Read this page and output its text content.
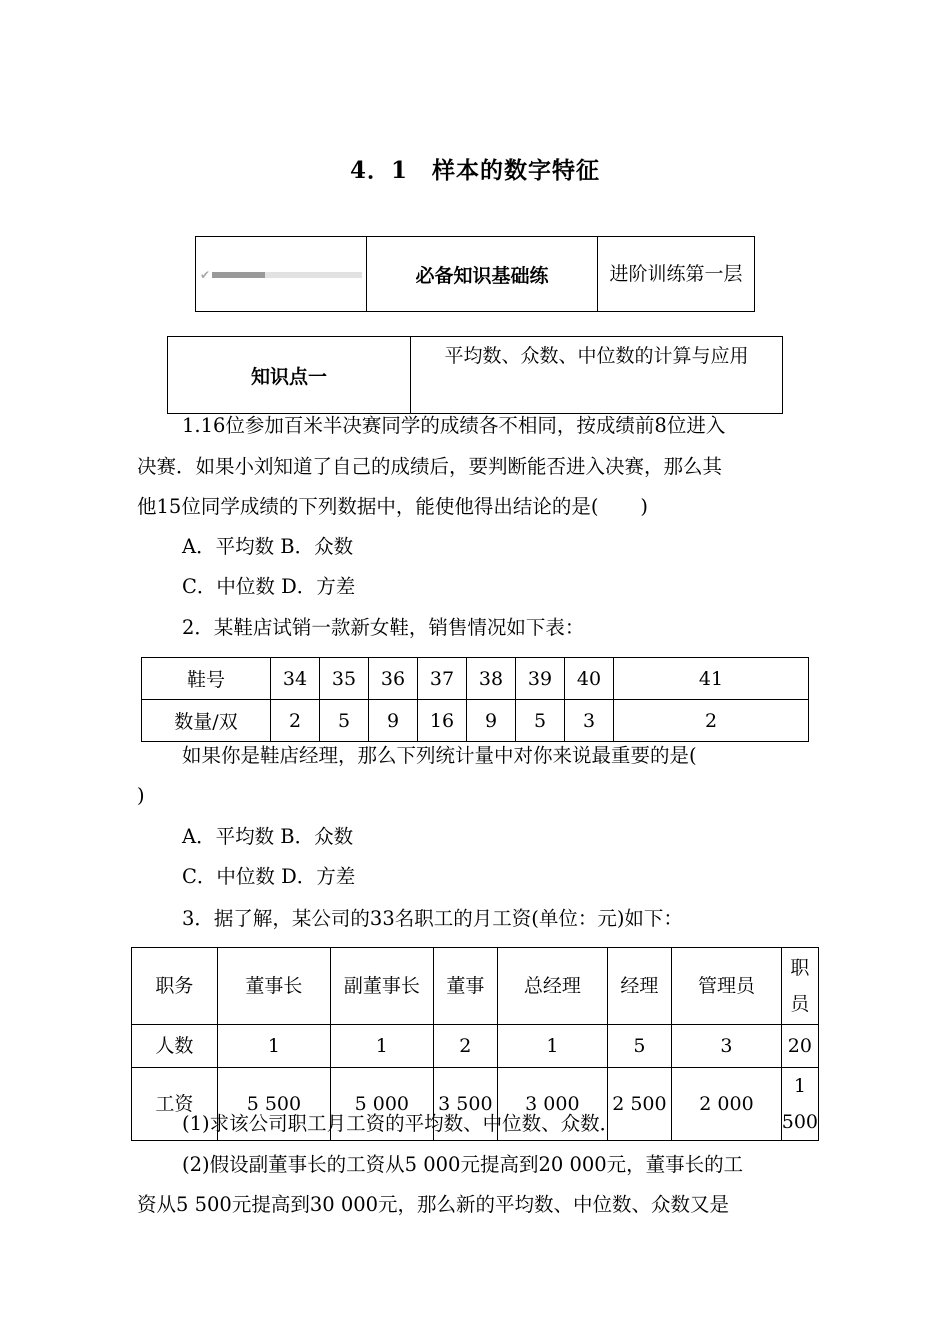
4．1　样本的数字特征
✔	必备知识基础练	进阶训练第一层
知识点一	平均数、众数、中位数的计算与应用
1.16位参加百米半决赛同学的成绩各不相同，按成绩前8位进入
决赛．如果小刘知道了自己的成绩后，要判断能否进入决赛，那么其
他15位同学成绩的下列数据中，能使他得出结论的是( )
A．平均数 B．众数
C．中位数 D．方差
2．某鞋店试销一款新女鞋，销售情况如下表：
鞋号	34	35	36	37	38	39	40	41
数量/双	2	5	9	16	9	5	3	2
如果你是鞋店经理，那么下列统计量中对你来说最重要的是(
)
A．平均数 B．众数
C．中位数 D．方差
3．据了解，某公司的33名职工的月工资(单位：元)如下：
职务	董事长	副董事长	董事	总经理	经理	管理员	职员
人数	1	1	2	1	5	3	20
工资	5 500	5 000	3 500	3 000	2 500	2 000	1 500
(1)求该公司职工月工资的平均数、中位数、众数．
(2)假设副董事长的工资从5 000元提高到20 000元，董事长的工
资从5 500元提高到30 000元，那么新的平均数、中位数、众数又是
